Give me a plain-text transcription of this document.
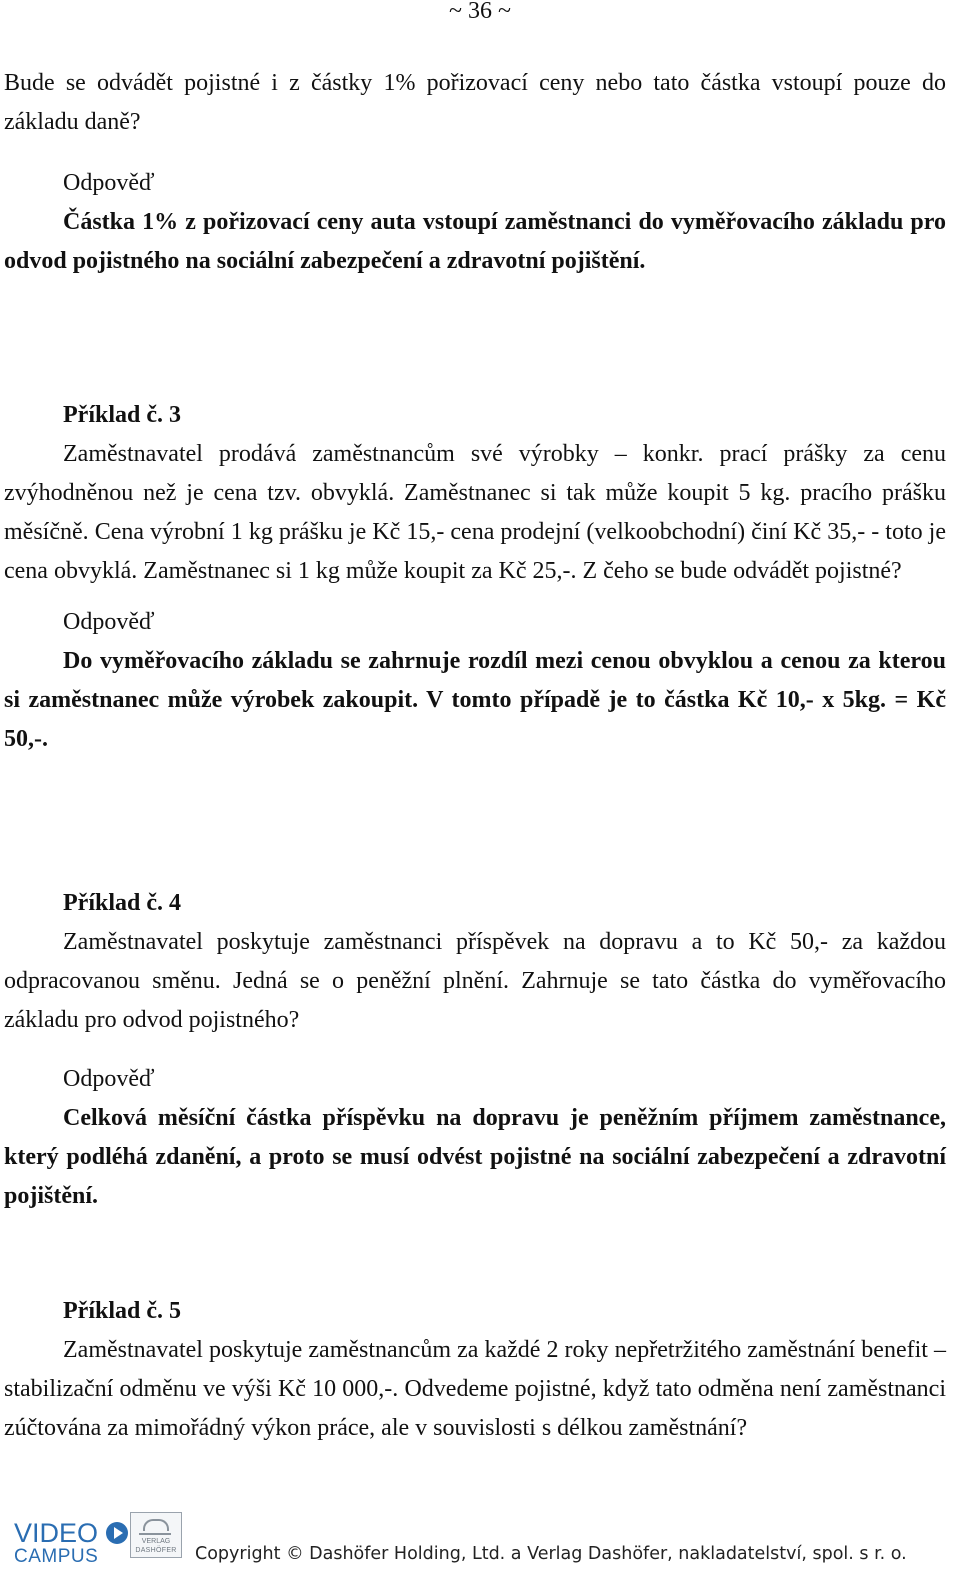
~ 36 ~

Bude se odvádět pojistné i z částky 1% pořizovací ceny nebo tato částka vstoupí pouze do základu daně?

Odpověď

Částka 1% z pořizovací ceny auta vstoupí zaměstnanci do vyměřovacího základu pro odvod pojistného na sociální zabezpečení a zdravotní pojištění.

Příklad č. 3

Zaměstnavatel prodává zaměstnancům své výrobky – konkr. prací prášky za cenu zvýhodněnou než je cena tzv. obvyklá. Zaměstnanec si tak může koupit 5 kg. pracího prášku měsíčně. Cena výrobní 1 kg prášku je Kč 15,- cena prodejní (velkoobchodní) činí Kč 35,- - toto je cena obvyklá. Zaměstnanec si 1 kg může koupit za Kč 25,-. Z čeho se bude odvádět pojistné?

Odpověď

Do vyměřovacího základu se zahrnuje rozdíl mezi cenou obvyklou a cenou za kterou si zaměstnanec může výrobek zakoupit. V tomto případě je to částka Kč 10,- x 5kg. = Kč 50,-.

Příklad č. 4

Zaměstnavatel poskytuje zaměstnanci příspěvek na dopravu a to Kč 50,- za každou odpracovanou směnu. Jedná se o peněžní plnění. Zahrnuje se tato částka do vyměřovacího základu pro odvod pojistného?

Odpověď

Celková měsíční částka příspěvku na dopravu je peněžním příjmem zaměstnance, který podléhá zdanění, a proto se musí odvést pojistné na sociální zabezpečení a zdravotní pojištění.

Příklad č. 5

Zaměstnavatel poskytuje zaměstnancům za každé 2 roky nepřetržitého zaměstnání benefit – stabilizační odměnu ve výši Kč 10 000,-. Odvedeme pojistné, když tato odměna není zaměstnanci zúčtována za mimořádný výkon práce, ale v souvislosti s délkou zaměstnání?

VIDEO
CAMPUS
VERLAG
DASHÖFER Copyright © Dashöfer Holding, Ltd. a Verlag Dashöfer, nakladatelství, spol. s r. o.
